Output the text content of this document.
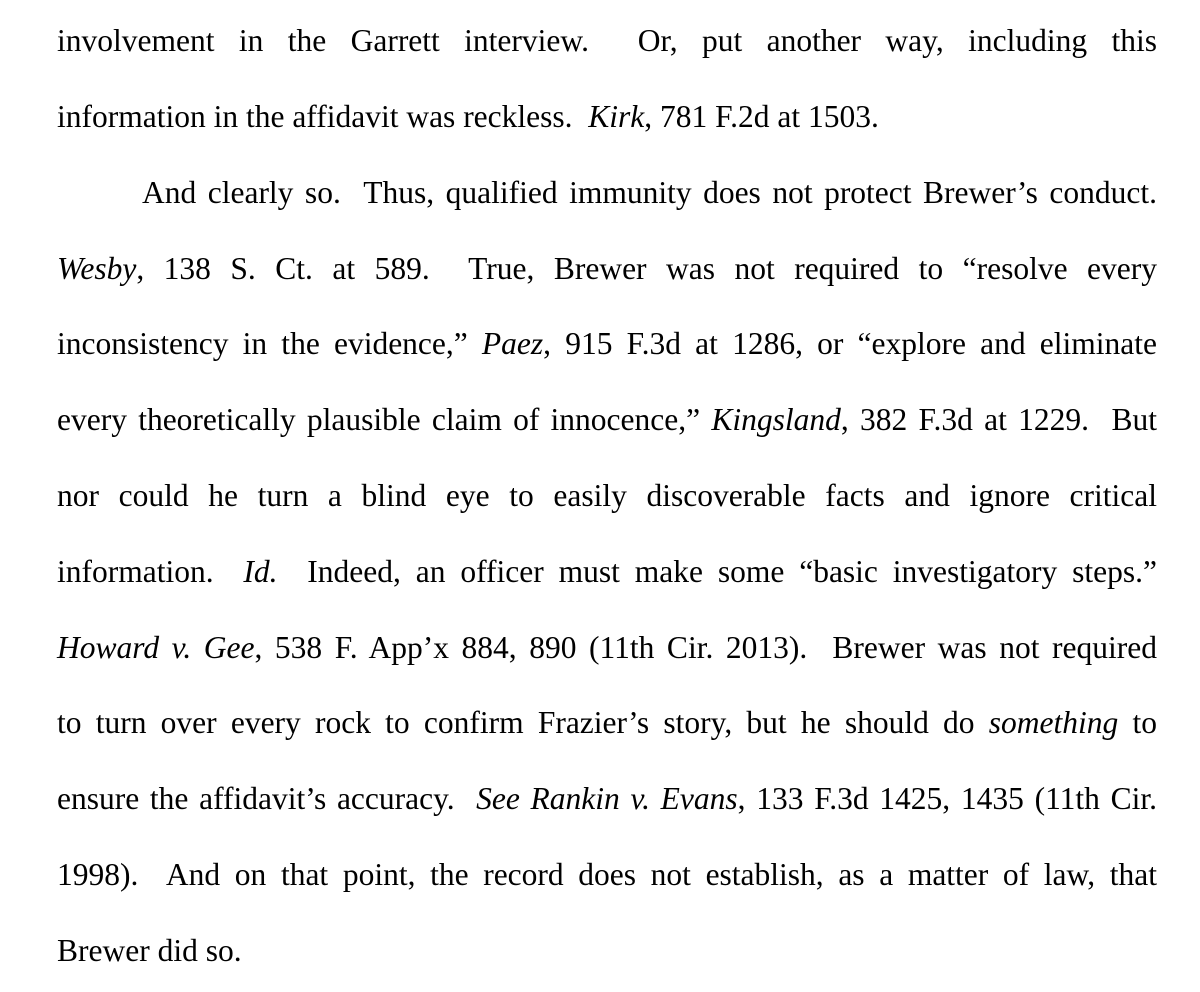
involvement in the Garrett interview.  Or, put another way, including this
information in the affidavit was reckless.  Kirk, 781 F.2d at 1503.
And clearly so.  Thus, qualified immunity does not protect Brewer’s conduct.
Wesby, 138 S. Ct. at 589.  True, Brewer was not required to “resolve every
inconsistency in the evidence,” Paez, 915 F.3d at 1286, or “explore and eliminate
every theoretically plausible claim of innocence,” Kingsland, 382 F.3d at 1229.  But
nor could he turn a blind eye to easily discoverable facts and ignore critical
information.  Id.  Indeed, an officer must make some “basic investigatory steps.”
Howard v. Gee, 538 F. App’x 884, 890 (11th Cir. 2013).  Brewer was not required
to turn over every rock to confirm Frazier’s story, but he should do something to
ensure the affidavit’s accuracy.  See Rankin v. Evans, 133 F.3d 1425, 1435 (11th Cir.
1998).  And on that point, the record does not establish, as a matter of law, that
Brewer did so.
